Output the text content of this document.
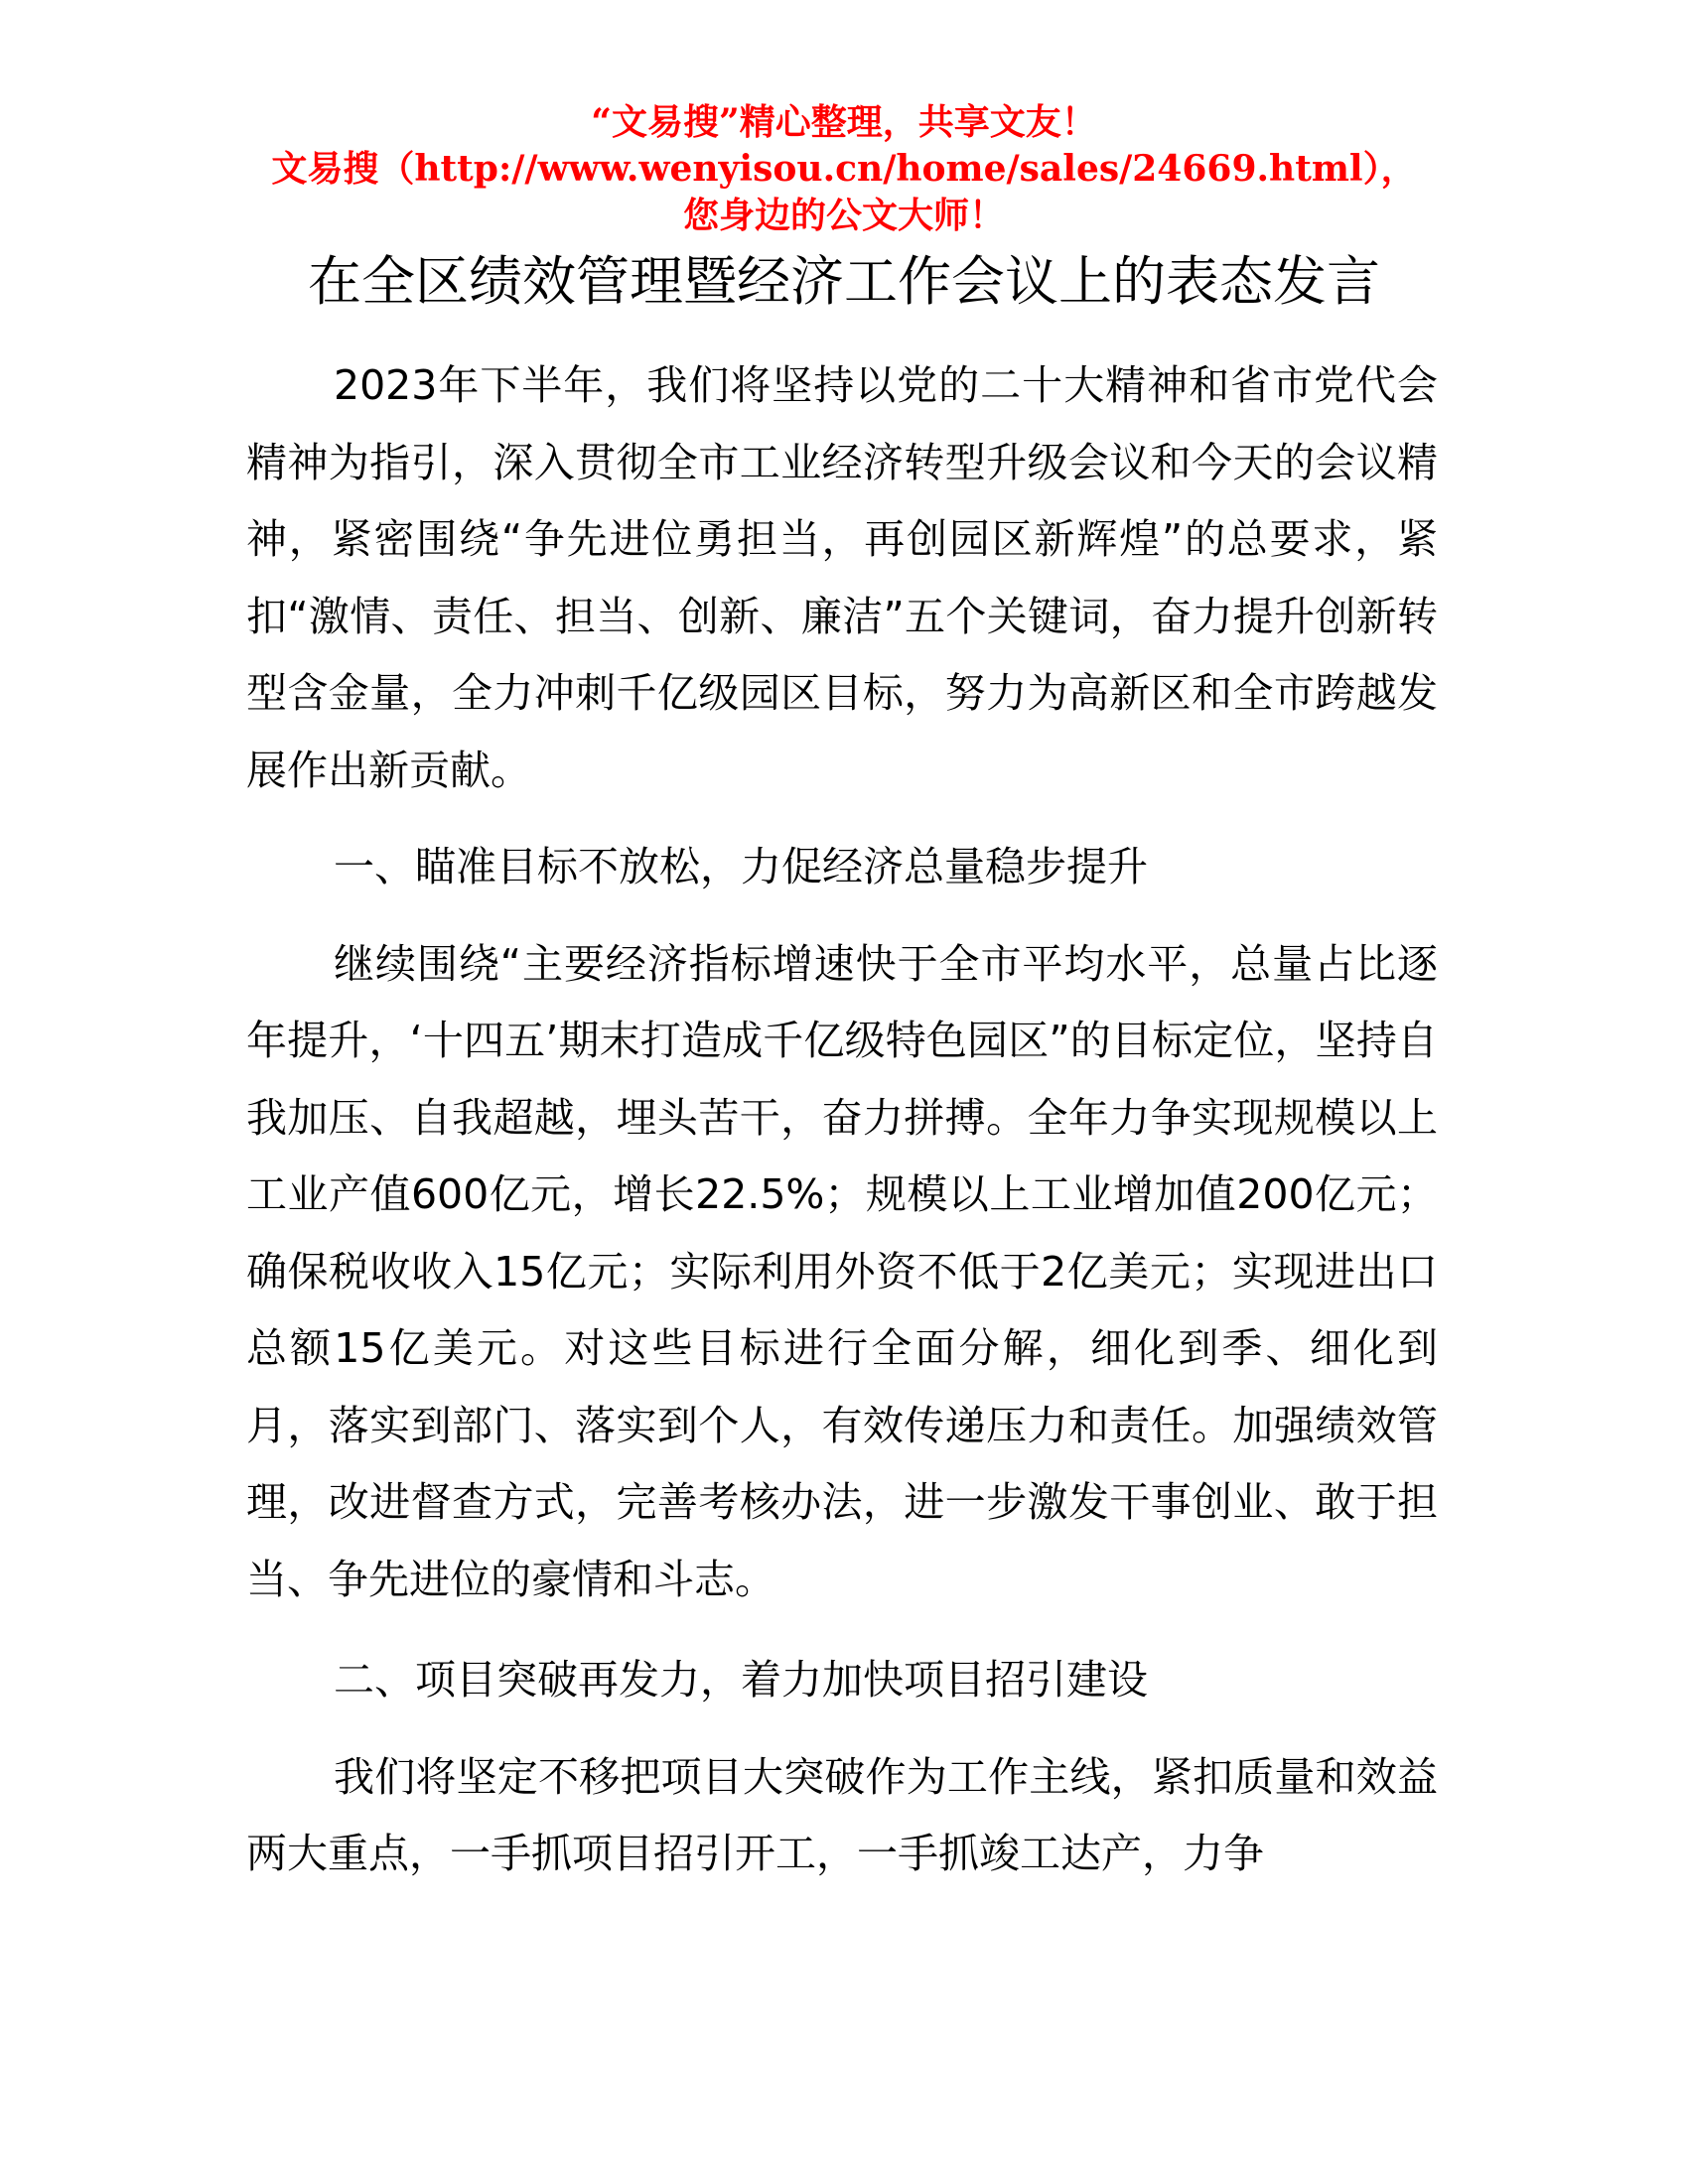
“文易搜”精心整理，共享文友！
文易搜（http://www.wenyisou.cn/home/sales/24669.html），
您身边的公文大师！
在全区绩效管理暨经济工作会议上的表态发言

2023年下半年，我们将坚持以党的二十大精神和省市党代会精神为指引，深入贯彻全市工业经济转型升级会议和今天的会议精神，紧密围绕“争先进位勇担当，再创园区新辉煌”的总要求，紧扣“激情、责任、担当、创新、廉洁”五个关键词，奋力提升创新转型含金量，全力冲刺千亿级园区目标，努力为高新区和全市跨越发展作出新贡献。

一、瞄准目标不放松，力促经济总量稳步提升

继续围绕“主要经济指标增速快于全市平均水平，总量占比逐年提升，‘十四五’期末打造成千亿级特色园区”的目标定位，坚持自我加压、自我超越，埋头苦干，奋力拼搏。全年力争实现规模以上工业产值600亿元，增长22.5%；规模以上工业增加值200亿元；确保税收收入15亿元；实际利用外资不低于2亿美元；实现进出口总额15亿美元。对这些目标进行全面分解，细化到季、细化到月，落实到部门、落实到个人，有效传递压力和责任。加强绩效管理，改进督查方式，完善考核办法，进一步激发干事创业、敢于担当、争先进位的豪情和斗志。

二、项目突破再发力，着力加快项目招引建设

我们将坚定不移把项目大突破作为工作主线，紧扣质量和效益两大重点，一手抓项目招引开工，一手抓竣工达产，力争
